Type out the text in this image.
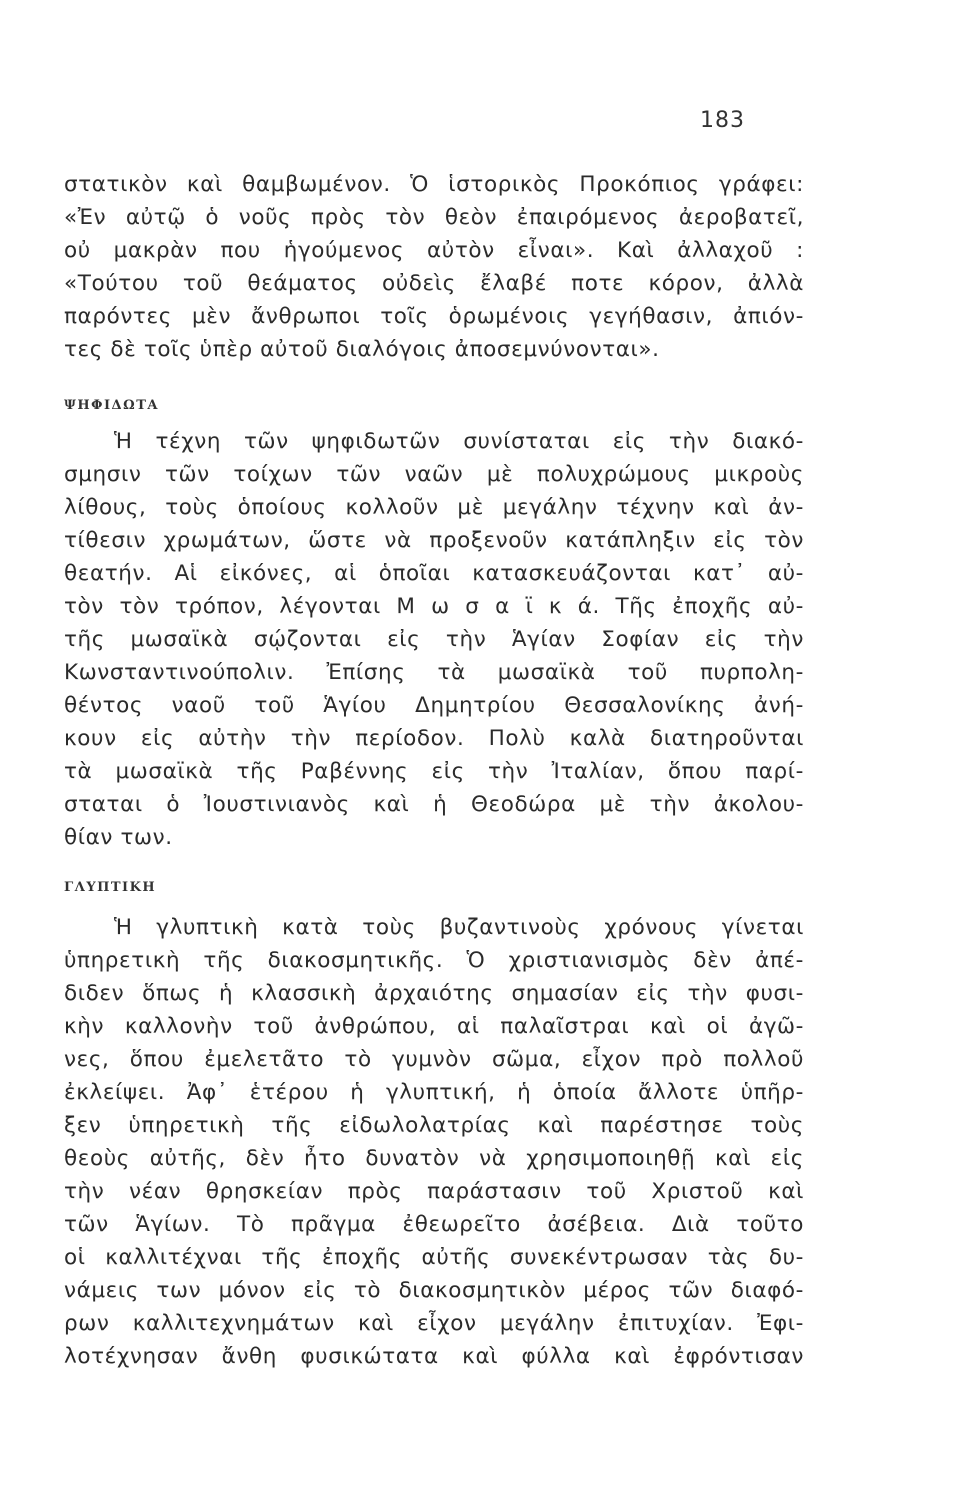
183
στατικὸν καὶ θαμβωμένον. Ὁ ἱστορικὸς Προκόπιος γράφει:
«Ἐν αὐτῷ ὁ νοῦς πρὸς τὸν θεὸν ἐπαιρόμενος ἀεροβατεῖ,
οὐ μακρὰν που ἡγούμενος αὐτὸν εἶναι». Καὶ ἀλλαχοῦ :
«Τούτου τοῦ θεάματος οὐδεὶς ἔλαβέ ποτε κόρον, ἀλλὰ
παρόντες μὲν ἄνθρωποι τοῖς ὁρωμένοις γεγήθασιν, ἀπιόν-
τες δὲ τοῖς ὑπὲρ αὐτοῦ διαλόγοις ἀποσεμνύνονται».
ΨΗΦΙΔΩΤΑ
Ἡ τέχνη τῶν ψηφιδωτῶν συνίσταται εἰς τὴν διακό-
σμησιν τῶν τοίχων τῶν ναῶν μὲ πολυχρώμους μικροὺς
λίθους, τοὺς ὁποίους κολλοῦν μὲ μεγάλην τέχνην καὶ ἀν-
τίθεσιν χρωμάτων, ὥστε νὰ προξενοῦν κατάπληξιν εἰς τὸν
θεατήν. Αἱ εἰκόνες, αἱ ὁποῖαι κατασκευάζονται κατ᾽ αὐ-
τὸν τὸν τρόπον, λέγονται Μ ω σ α ϊ κ ά. Τῆς ἐποχῆς αὐ-
τῆς μωσαϊκὰ σῴζονται εἰς τὴν Ἁγίαν Σοφίαν εἰς τὴν
Κωνσταντινούπολιν. Ἐπίσης τὰ μωσαϊκὰ τοῦ πυρπολη-
θέντος ναοῦ τοῦ Ἁγίου Δημητρίου Θεσσαλονίκης ἀνή-
κουν εἰς αὐτὴν τὴν περίοδον. Πολὺ καλὰ διατηροῦνται
τὰ μωσαϊκὰ τῆς Ραβέννης εἰς τὴν Ἰταλίαν, ὅπου παρί-
σταται ὁ Ἰουστινιανὸς καὶ ἡ Θεοδώρα μὲ τὴν ἀκολου-
θίαν των.
ΓΛΥΠΤΙΚΗ
Ἡ γλυπτικὴ κατὰ τοὺς βυζαντινοὺς χρόνους γίνεται
ὑπηρετικὴ τῆς διακοσμητικῆς. Ὁ χριστιανισμὸς δὲν ἀπέ-
διδεν ὅπως ἡ κλασσικὴ ἀρχαιότης σημασίαν εἰς τὴν φυσι-
κὴν καλλονὴν τοῦ ἀνθρώπου, αἱ παλαῖστραι καὶ οἱ ἀγῶ-
νες, ὅπου ἐμελετᾶτο τὸ γυμνὸν σῶμα, εἶχον πρὸ πολλοῦ
ἐκλείψει. Ἀφ᾽ ἑτέρου ἡ γλυπτική, ἡ ὁποία ἄλλοτε ὑπῆρ-
ξεν ὑπηρετικὴ τῆς εἰδωλολατρίας καὶ παρέστησε τοὺς
θεοὺς αὐτῆς, δὲν ἦτο δυνατὸν νὰ χρησιμοποιηθῇ καὶ εἰς
τὴν νέαν θρησκείαν πρὸς παράστασιν τοῦ Χριστοῦ καὶ
τῶν Ἁγίων. Τὸ πρᾶγμα ἐθεωρεῖτο ἀσέβεια. Διὰ τοῦτο
οἱ καλλιτέχναι τῆς ἐποχῆς αὐτῆς συνεκέντρωσαν τὰς δυ-
νάμεις των μόνον εἰς τὸ διακοσμητικὸν μέρος τῶν διαφό-
ρων καλλιτεχνημάτων καὶ εἶχον μεγάλην ἐπιτυχίαν. Ἐφι-
λοτέχνησαν ἄνθη φυσικώτατα καὶ φύλλα καὶ ἐφρόντισαν
